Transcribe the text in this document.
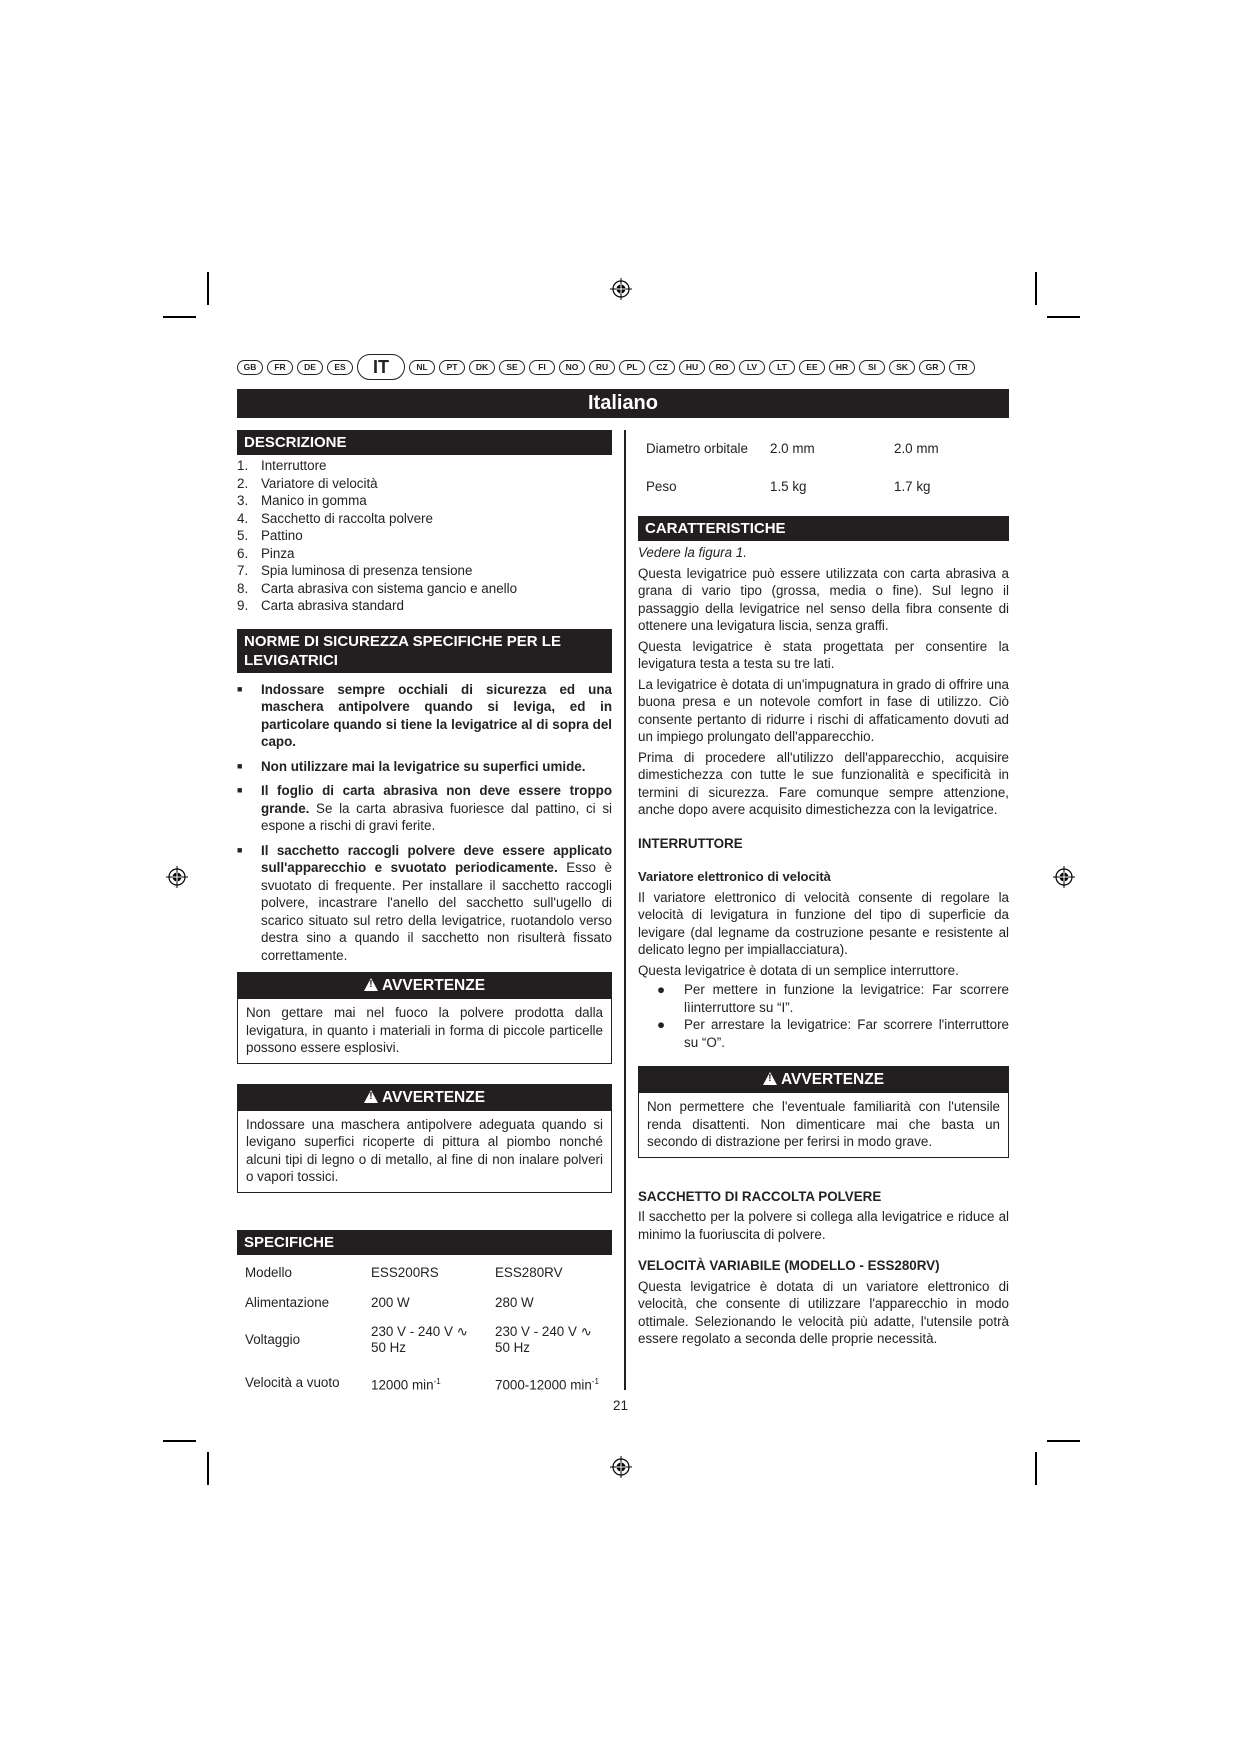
GB	FR	DE	ES	IT	NL	PT	DK	SE	FI	NO	RU	PL	CZ	HU	RO	LV	LT	EE	HR	SI	SK	GR	TR
Italiano
DESCRIZIONE
1. Interruttore
2. Variatore di velocità
3. Manico in gomma
4. Sacchetto di raccolta polvere
5. Pattino
6. Pinza
7. Spia luminosa di presenza tensione
8. Carta abrasiva con sistema gancio e anello
9. Carta abrasiva standard
NORME DI SICUREZZA SPECIFICHE PER LE LEVIGATRICI
■	Indossare sempre occhiali di sicurezza ed una maschera antipolvere quando si leviga, ed in particolare quando si tiene la levigatrice al di sopra del capo.
■	Non utilizzare mai la levigatrice su superfici umide.
■	Il foglio di carta abrasiva non deve essere troppo grande. Se la carta abrasiva fuoriesce dal pattino, ci si espone a rischi di gravi ferite.
■	Il sacchetto raccogli polvere deve essere applicato sull'apparecchio e svuotato periodicamente. Esso è svuotato di frequente. Per installare il sacchetto raccogli polvere, incastrare l'anello del sacchetto sull'ugello di scarico situato sul retro della levigatrice, ruotandolo verso destra sino a quando il sacchetto non risulterà fissato correttamente.
! AVVERTENZE
Non gettare mai nel fuoco la polvere prodotta dalla levigatura, in quanto i materiali in forma di piccole particelle possono essere esplosivi.
! AVVERTENZE
Indossare una maschera antipolvere adeguata quando si levigano superfici ricoperte di pittura al piombo nonché alcuni tipi di legno o di metallo, al fine di non inalare polveri o vapori tossici.
SPECIFICHE
Modello	ESS200RS	ESS280RV
Alimentazione	200 W	280 W
Voltaggio	230 V - 240 V ∿ 50 Hz	230 V - 240 V ∿ 50 Hz
Velocità a vuoto	12000 $\min^{-1}$	7000-12000 $\min^{-1}$
Diametro orbitale	2.0 mm	2.0 mm
Peso	1.5 kg	1.7 kg
CARATTERISTICHE

Vedere la figura 1.

Questa levigatrice può essere utilizzata con carta abrasiva a grana di vario tipo (grossa, media o fine). Sul legno il passaggio della levigatrice nel senso della fibra consente di ottenere una levigatura liscia, senza graffi.

Questa levigatrice è stata progettata per consentire la levigatura testa a testa su tre lati.

La levigatrice è dotata di un'impugnatura in grado di offrire una buona presa e un notevole comfort in fase di utilizzo. Ciò consente pertanto di ridurre i rischi di affaticamento dovuti ad un impiego prolungato dell'apparecchio.

Prima di procedere all'utilizzo dell'apparecchio, acquisire dimestichezza con tutte le sue funzionalità e specificità in termini di sicurezza. Fare comunque sempre attenzione, anche dopo avere acquisito dimestichezza con la levigatrice.

INTERRUTTORE

Variatore elettronico di velocità

Il variatore elettronico di velocità consente di regolare la velocità di levigatura in funzione del tipo di superficie da levigare (dal legname da costruzione pesante e resistente al delicato legno per impiallacciatura).

Questa levigatrice è dotata di un semplice interruttore.

●	Per mettere in funzione la levigatrice: Far scorrere lìinterruttore su “I”.
●	Per arrestare la levigatrice: Far scorrere l'interruttore su “O”.
! AVVERTENZE
Non permettere che l'eventuale familiarità con l'utensile renda disattenti. Non dimenticare mai che basta un secondo di distrazione per ferirsi in modo grave.

SACCHETTO DI RACCOLTA POLVERE

Il sacchetto per la polvere si collega alla levigatrice e riduce al minimo la fuoriuscita di polvere.

VELOCITÀ VARIABILE (MODELLO - ESS280RV)

Questa levigatrice è dotata di un variatore elettronico di velocità, che consente di utilizzare l'apparecchio in modo ottimale. Selezionando le velocità più adatte, l'utensile potrà essere regolato a seconda delle proprie necessità.

21
